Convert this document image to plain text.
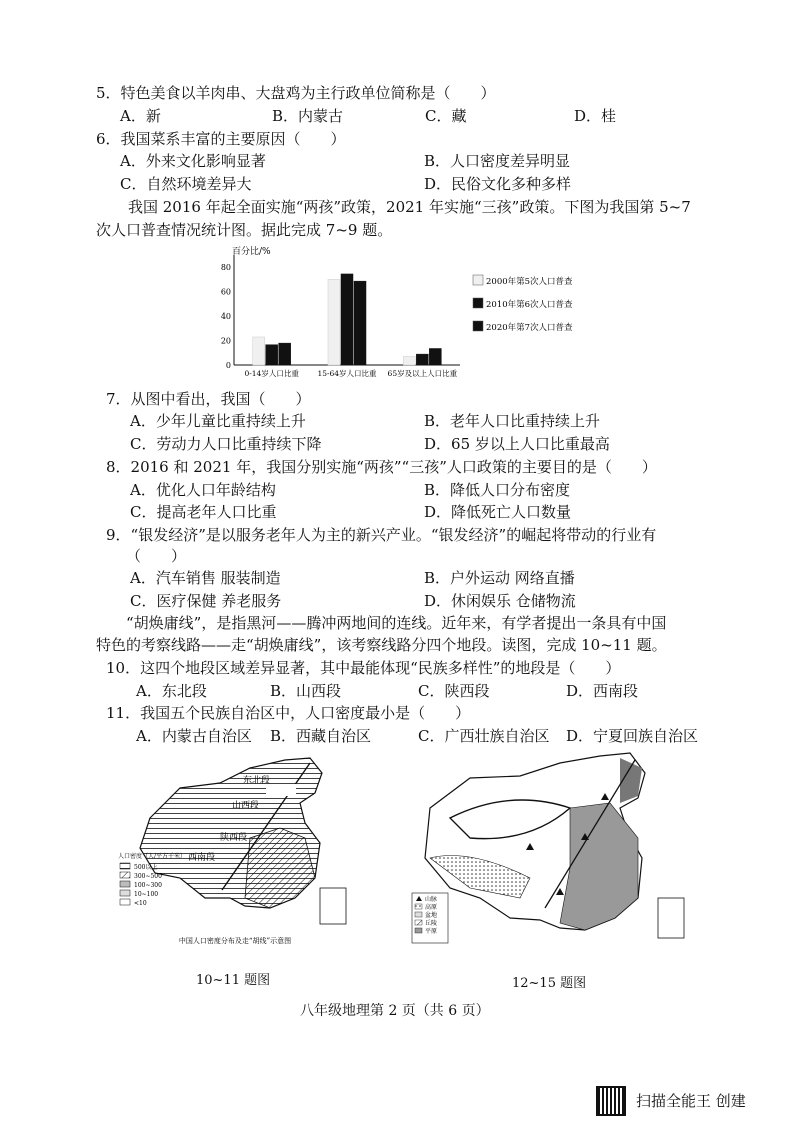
5．特色美食以羊肉串、大盘鸡为主行政单位简称是（　　）
A．新	B．内蒙古	C．藏	D．桂
6．我国菜系丰富的主要原因（　　）
A．外来文化影响显著	B．人口密度差异明显
C．自然环境差异大	D．民俗文化多种多样
我国 2016 年起全面实施“两孩”政策，2021 年实施“三孩”政策。下图为我国第 5~7
次人口普查情况统计图。据此完成 7~9 题。
百分比/%
80
60
40
20
0
0-14岁人口比重 15-64岁人口比重 65岁及以上人口比重
2000年第5次人口普查
2010年第6次人口普查
2020年第7次人口普查
7．从图中看出，我国（　　）
A．少年儿童比重持续上升	B．老年人口比重持续上升
C．劳动力人口比重持续下降	D．65 岁以上人口比重最高
8．2016 和 2021 年，我国分别实施“两孩”“三孩”人口政策的主要目的是（　　）
A．优化人口年龄结构	B．降低人口分布密度
C．提高老年人口比重	D．降低死亡人口数量
9．“银发经济”是以服务老年人为主的新兴产业。“银发经济”的崛起将带动的行业有
（　　）
A．汽车销售 服装制造	B．户外运动 网络直播
C．医疗保健 养老服务	D．休闲娱乐 仓储物流
“胡焕庸线”，是指黑河——腾冲两地间的连线。近年来，有学者提出一条具有中国
特色的考察线路——走“胡焕庸线”，该考察线路分四个地段。读图，完成 10~11 题。
10．这四个地段区域差异显著，其中最能体现“民族多样性”的地段是（　　）
A．东北段	B．山西段	C．陕西段	D．西南段
11．我国五个民族自治区中，人口密度最小是（　　）
A．内蒙古自治区 B．西藏自治区	C．广西壮族自治区 D．宁夏回族自治区
东北段
山西段
陕西段
西南段
人口密度（人/平方千米）
500以上
300~500
100~300
10~100
<10
中国人口密度分布及走“胡线”示意图
10~11 题图
山脉
高原
盆地
丘陵
平原
12~15 题图
八年级地理第 2 页（共 6 页）
扫描全能王 创建
